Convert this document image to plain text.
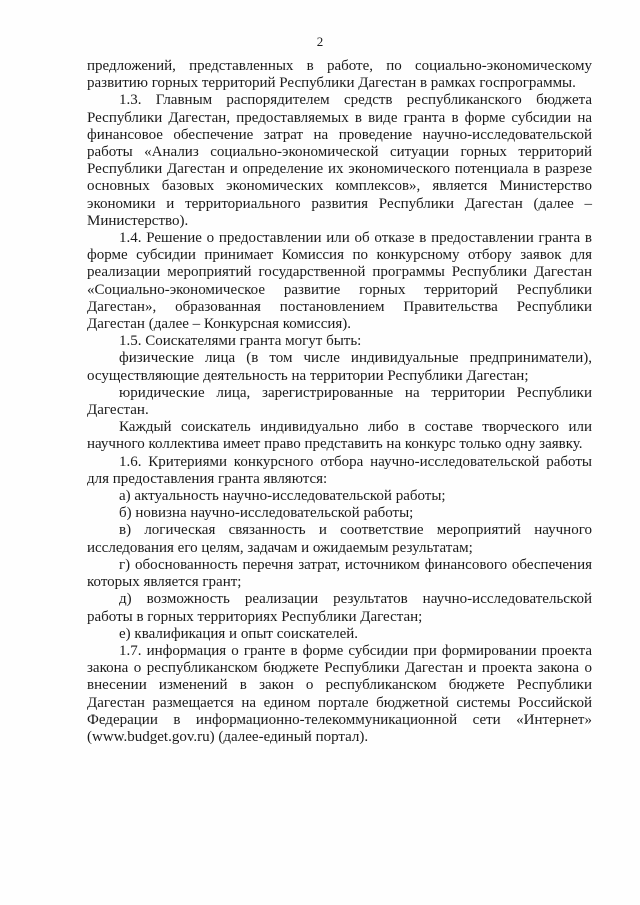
2

предложений, представленных в работе, по социально-экономическому развитию горных территорий Республики Дагестан в рамках госпрограммы.

1.3. Главным распорядителем средств республиканского бюджета Республики Дагестан, предоставляемых в виде гранта в форме субсидии на финансовое обеспечение затрат на проведение научно-исследовательской работы «Анализ социально-экономической ситуации горных территорий Республики Дагестан и определение их экономического потенциала в разрезе основных базовых экономических комплексов», является Министерство экономики и территориального развития Республики Дагестан (далее – Министерство).

1.4. Решение о предоставлении или об отказе в предоставлении гранта в форме субсидии принимает Комиссия по конкурсному отбору заявок для реализации мероприятий государственной программы Республики Дагестан «Социально-экономическое развитие горных территорий Республики Дагестан», образованная постановлением Правительства Республики Дагестан (далее – Конкурсная комиссия).

1.5. Соискателями гранта могут быть:

физические лица (в том числе индивидуальные предприниматели), осуществляющие деятельность на территории Республики Дагестан;

юридические лица, зарегистрированные на территории Республики Дагестан.

Каждый соискатель индивидуально либо в составе творческого или научного коллектива имеет право представить на конкурс только одну заявку.

1.6. Критериями конкурсного отбора научно-исследовательской работы для предоставления гранта являются:

а) актуальность научно-исследовательской работы;

б) новизна научно-исследовательской работы;

в) логическая связанность и соответствие мероприятий научного исследования его целям, задачам и ожидаемым результатам;

г) обоснованность перечня затрат, источником финансового обеспечения которых является грант;

д) возможность реализации результатов научно-исследовательской работы в горных территориях Республики Дагестан;

е) квалификация и опыт соискателей.

1.7. информация о гранте в форме субсидии при формировании проекта закона о республиканском бюджете Республики Дагестан и проекта закона о внесении изменений в закон о республиканском бюджете Республики Дагестан размещается на едином портале бюджетной системы Российской Федерации в информационно-телекоммуникационной сети «Интернет» (www.budget.gov.ru) (далее-единый портал).
